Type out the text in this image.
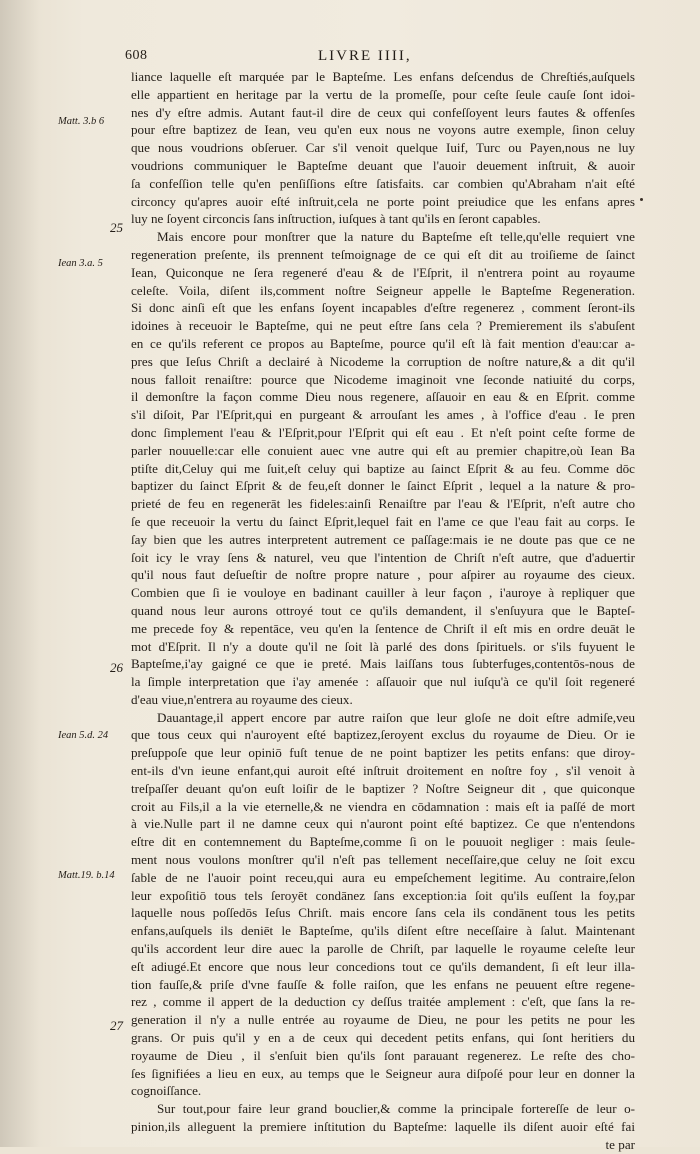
608	LIVRE IIII,
Matt. 3.b 6
Iean 3.a. 5
Iean 5.d. 24
Matt.19. b.14
25
26
27
liance laquelle eſt marquée par le Bapteſme. Les enfans deſcendus de Chreſtiés,auſquels
elle appartient en heritage par la vertu de la promeſſe, pour ceſte ſeule cauſe ſont idoi-
nes d'y eſtre admis. Autant faut-il dire de ceux qui confeſſoyent leurs fautes & offenſes
pour eſtre baptizez de Iean, veu qu'en eux nous ne voyons autre exemple, ſinon celuy
que nous voudrions obſeruer. Car s'il venoit quelque Iuif, Turc ou Payen,nous ne luy
voudrions communiquer le Bapteſme deuant que l'auoir deuement inſtruit, & auoir
ſa confeſſion telle qu'en penſiſſions eſtre ſatisfaits. car combien qu'Abraham n'ait eſté
circoncy qu'apres auoir eſté inſtruit,cela ne porte point preiudice que les enfans apres
luy ne ſoyent circoncis ſans inſtruction, iuſques à tant qu'ils en ſeront capables.
Mais encore pour monſtrer que la nature du Bapteſme eſt telle,qu'elle requiert vne
regeneration preſente, ils prennent teſmoignage de ce qui eſt dit au troiſieme de ſainct
Iean, Quiconque ne ſera regeneré d'eau & de l'Eſprit, il n'entrera point au royaume
celeſte. Voila, diſent ils,comment noſtre Seigneur appelle le Bapteſme Regeneration.
Si donc ainſi eſt que les enfans ſoyent incapables d'eſtre regenerez , comment ſeront-ils
idoines à receuoir le Bapteſme, qui ne peut eſtre ſans cela ? Premierement ils s'abuſent
en ce qu'ils referent ce propos au Bapteſme, pource qu'il eſt là fait mention d'eau:car a-
pres que Ieſus Chriſt a declairé à Nicodeme la corruption de noſtre nature,& a dit qu'il
nous falloit renaiſtre: pource que Nicodeme imaginoit vne ſeconde natiuité du corps,
il demonſtre la façon comme Dieu nous regenere, aſſauoir en eau & en Eſprit. comme
s'il diſoit, Par l'Eſprit,qui en purgeant & arrouſant les ames , à l'office d'eau . Ie pren
donc ſimplement l'eau & l'Eſprit,pour l'Eſprit qui eſt eau . Et n'eſt point ceſte forme de
parler nouuelle:car elle conuient auec vne autre qui eſt au premier chapitre,où Iean Ba
ptiſte dit,Celuy qui me ſuit,eſt celuy qui baptize au ſainct Eſprit & au feu. Comme dōc
baptizer du ſainct Eſprit & de feu,eſt donner le ſainct Eſprit , lequel a la nature & pro-
prieté de feu en regenerāt les fideles:ainſi Renaiſtre par l'eau & l'Eſprit, n'eſt autre cho
ſe que receuoir la vertu du ſainct Eſprit,lequel fait en l'ame ce que l'eau fait au corps. Ie
ſay bien que les autres interpretent autrement ce paſſage:mais ie ne doute pas que ce ne
ſoit icy le vray ſens & naturel, veu que l'intention de Chriſt n'eſt autre, que d'aduertir
qu'il nous faut deſueſtir de noſtre propre nature , pour aſpirer au royaume des cieux.
Combien que ſi ie vouloye en badinant cauiller à leur façon , i'auroye à repliquer que
quand nous leur aurons ottroyé tout ce qu'ils demandent, il s'enſuyura que le Bapteſ-
me precede foy & repentāce, veu qu'en la ſentence de Chriſt il eſt mis en ordre deuāt le
mot d'Eſprit. Il n'y a doute qu'il ne ſoit là parlé des dons ſpirituels. or s'ils fuyuent le
Bapteſme,i'ay gaigné ce que ie preté. Mais laiſſans tous ſubterfuges,contentōs-nous de
la ſimple interpretation que i'ay amenée : aſſauoir que nul iuſqu'à ce qu'il ſoit regeneré
d'eau viue,n'entrera au royaume des cieux.
Dauantage,il appert encore par autre raiſon que leur gloſe ne doit eſtre admiſe,veu
que tous ceux qui n'auroyent eſté baptizez,ſeroyent exclus du royaume de Dieu. Or ie
preſuppoſe que leur opiniō fuſt tenue de ne point baptizer les petits enfans: que diroy-
ent-ils d'vn ieune enfant,qui auroit eſté inſtruit droitement en noſtre foy , s'il venoit à
treſpaſſer deuant qu'on euſt loiſir de le baptizer ? Noſtre Seigneur dit , que quiconque
croit au Fils,il a la vie eternelle,& ne viendra en cōdamnation : mais eſt ia paſſé de mort
à vie.Nulle part il ne damne ceux qui n'auront point eſté baptizez. Ce que n'entendons
eſtre dit en contemnement du Bapteſme,comme ſi on le pouuoit negliger : mais ſeule-
ment nous voulons monſtrer qu'il n'eſt pas tellement neceſſaire,que celuy ne ſoit excu
ſable de ne l'auoir point receu,qui aura eu empeſchement legitime. Au contraire,ſelon
leur expoſitiō tous tels ſeroyēt condānez ſans exception:ia ſoit qu'ils euſſent la foy,par
laquelle nous poſſedōs Ieſus Chriſt. mais encore ſans cela ils condānent tous les petits
enfans,auſquels ils deniēt le Bapteſme, qu'ils diſent eſtre neceſſaire à ſalut. Maintenant
qu'ils accordent leur dire auec la parolle de Chriſt, par laquelle le royaume celeſte leur
eſt adiugé.Et encore que nous leur concedions tout ce qu'ils demandent, ſi eſt leur illa-
tion fauſſe,& priſe d'vne fauſſe & folle raiſon, que les enfans ne peuuent eſtre regene-
rez , comme il appert de la deduction cy deſſus traitée amplement : c'eſt, que ſans la re-
generation il n'y a nulle entrée au royaume de Dieu, ne pour les petits ne pour les
grans. Or puis qu'il y en a de ceux qui decedent petits enfans, qui ſont heritiers du
royaume de Dieu , il s'enſuit bien qu'ils ſont parauant regenerez. Le reſte des cho-
ſes ſignifiées a lieu en eux, au temps que le Seigneur aura diſpoſé pour leur en donner la
cognoiſſance.
Sur tout,pour faire leur grand bouclier,& comme la principale forterеſſe de leur o-
pinion,ils alleguent la premiere inſtitution du Bapteſme: laquelle ils diſent auoir eſté fai
te par
